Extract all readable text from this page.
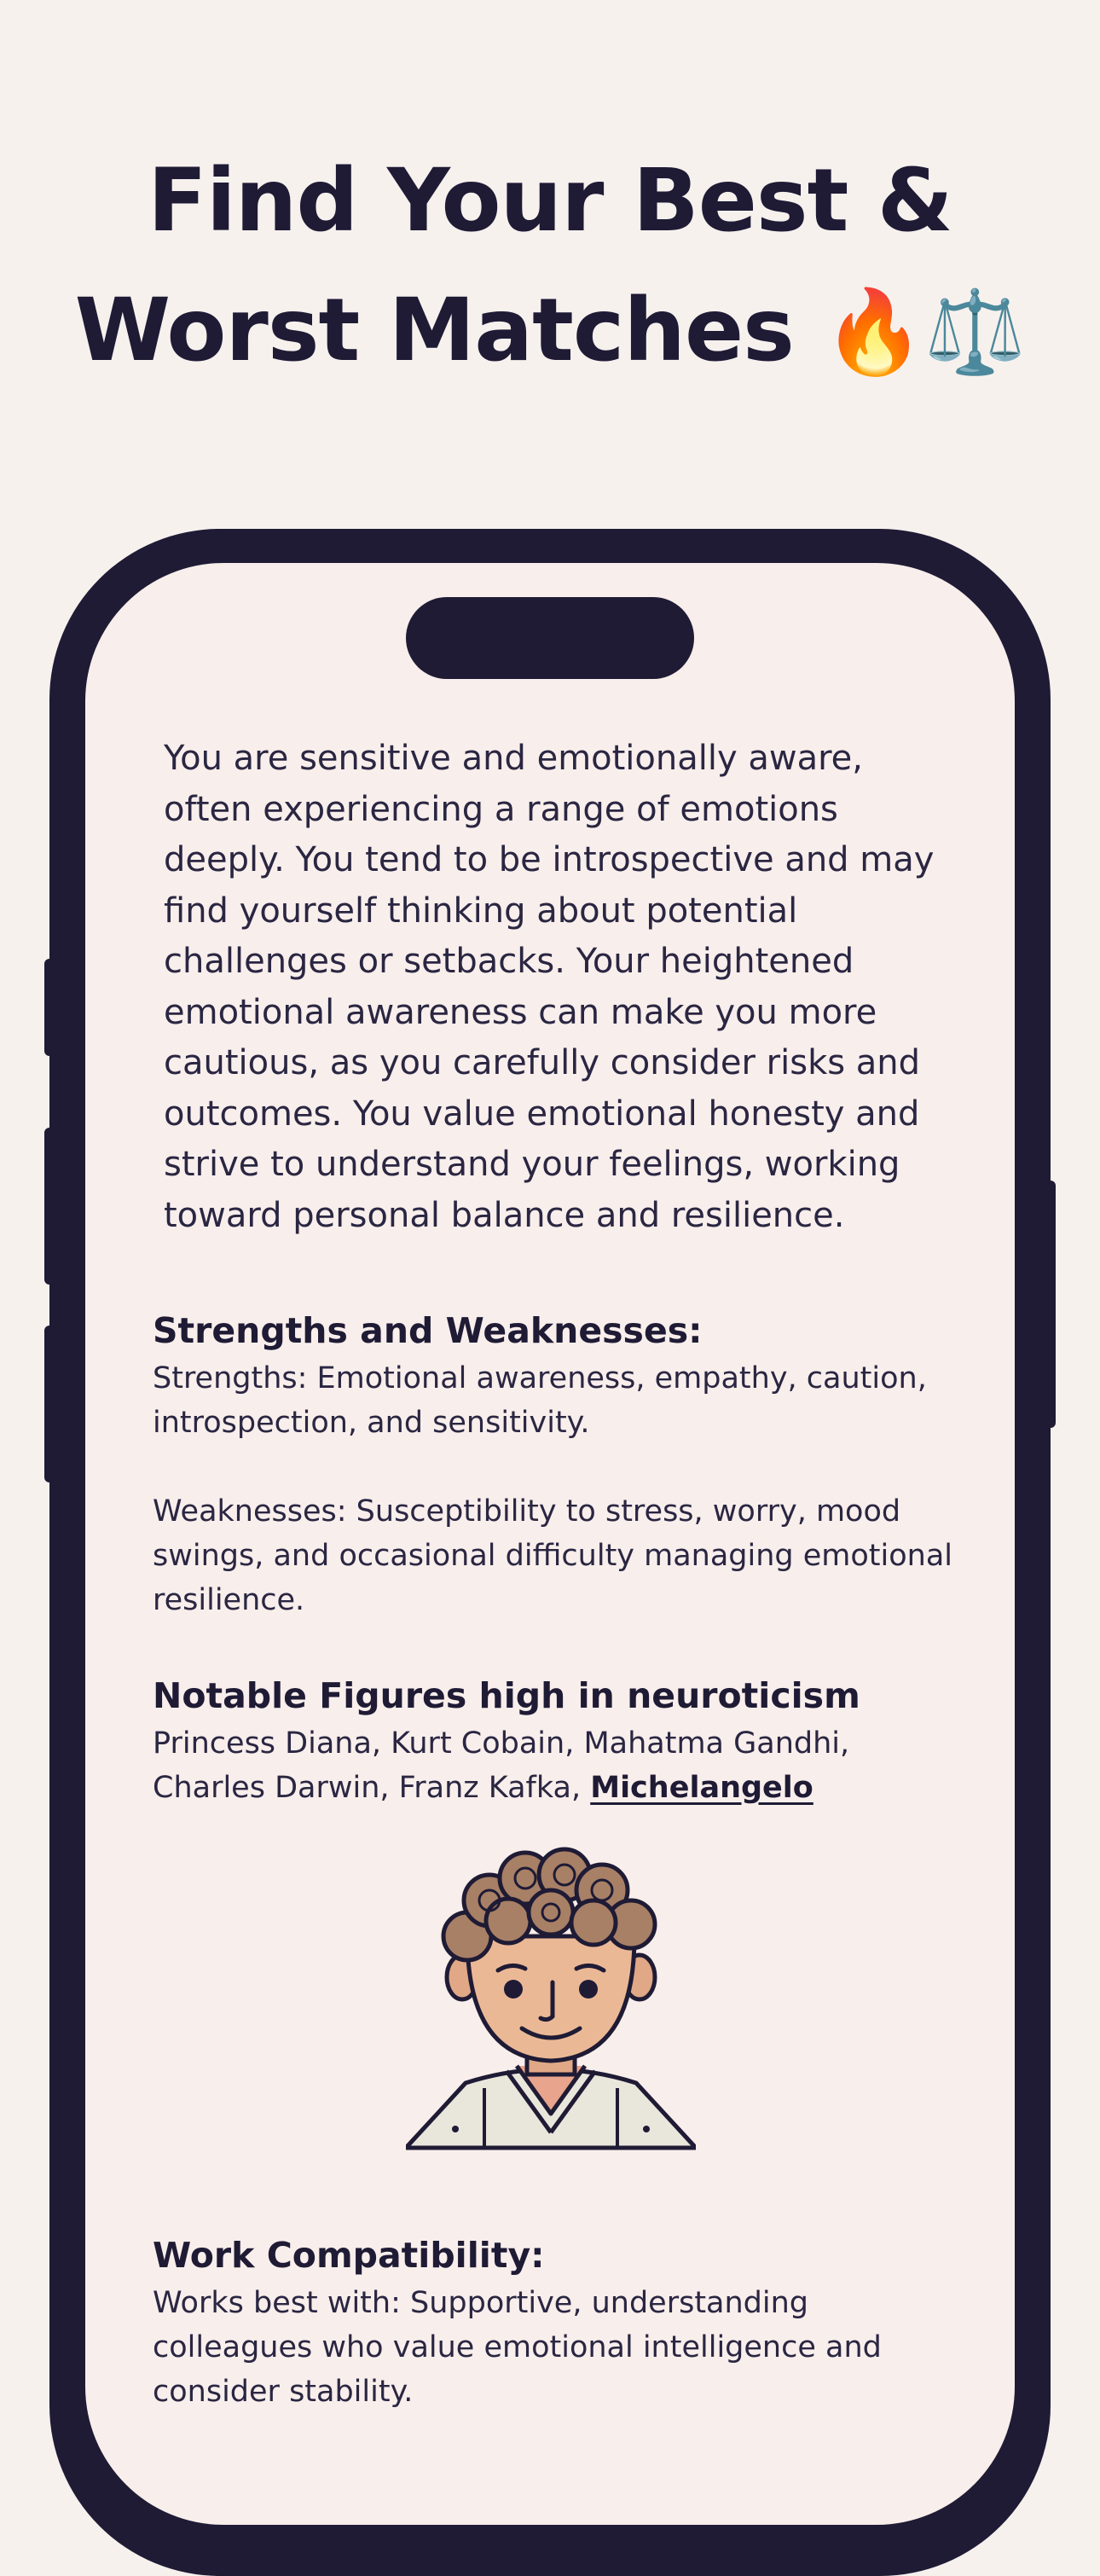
Find Your Best &
Worst Matches 🔥⚖️

You are sensitive and emotionally aware, often experiencing a range of emotions deeply. You tend to be introspective and may find yourself thinking about potential challenges or setbacks. Your heightened emotional awareness can make you more cautious, as you carefully consider risks and outcomes. You value emotional honesty and strive to understand your feelings, working toward personal balance and resilience.

Strengths and Weaknesses:

Strengths: Emotional awareness, empathy, caution, introspection, and sensitivity.

Weaknesses: Susceptibility to stress, worry, mood swings, and occasional difficulty managing emotional resilience.

Notable Figures high in neuroticism

Princess Diana, Kurt Cobain, Mahatma Gandhi, Charles Darwin, Franz Kafka, Michelangelo

Work Compatibility:

Works best with: Supportive, understanding colleagues who value emotional intelligence and consider stability.
